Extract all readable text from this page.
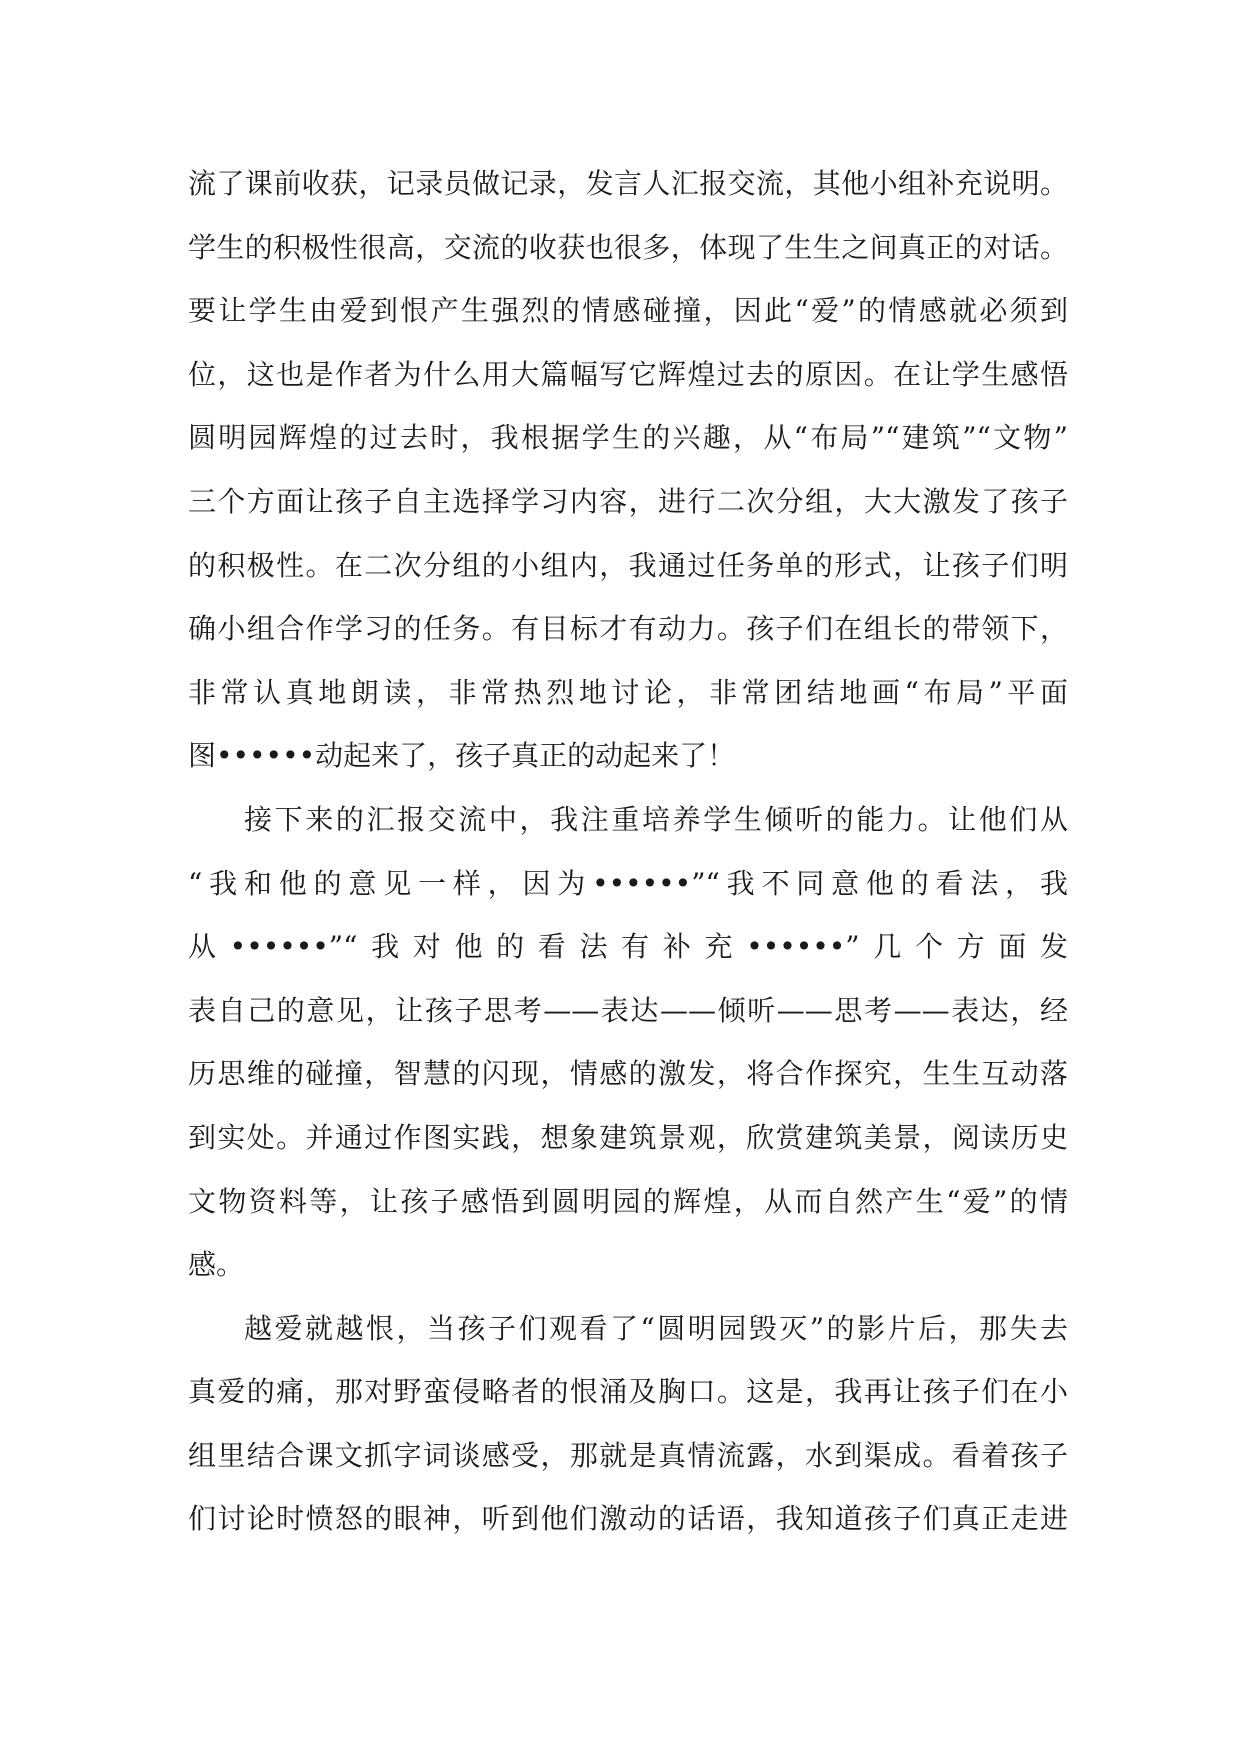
流了课前收获，记录员做记录，发言人汇报交流，其他小组补充说明。
学生的积极性很高，交流的收获也很多，体现了生生之间真正的对话。
要让学生由爱到恨产生强烈的情感碰撞，因此“爱”的情感就必须到
位，这也是作者为什么用大篇幅写它辉煌过去的原因。在让学生感悟
圆明园辉煌的过去时，我根据学生的兴趣，从“布局”“建筑”“文物”
三个方面让孩子自主选择学习内容，进行二次分组，大大激发了孩子
的积极性。在二次分组的小组内，我通过任务单的形式，让孩子们明
确小组合作学习的任务。有目标才有动力。孩子们在组长的带领下，
非常认真地朗读，非常热烈地讨论，非常团结地画“布局”平面
图••••••动起来了，孩子真正的动起来了！
接下来的汇报交流中，我注重培养学生倾听的能力。让他们从
“我和他的意见一样，因为••••••”“我不同意他的看法，我
从••••••”“我对他的看法有补充••••••”几个方面发
表自己的意见，让孩子思考——表达——倾听——思考——表达，经
历思维的碰撞，智慧的闪现，情感的激发，将合作探究，生生互动落
到实处。并通过作图实践，想象建筑景观，欣赏建筑美景，阅读历史
文物资料等，让孩子感悟到圆明园的辉煌，从而自然产生“爱”的情
感。
越爱就越恨，当孩子们观看了“圆明园毁灭”的影片后，那失去
真爱的痛，那对野蛮侵略者的恨涌及胸口。这是，我再让孩子们在小
组里结合课文抓字词谈感受，那就是真情流露，水到渠成。看着孩子
们讨论时愤怒的眼神，听到他们激动的话语，我知道孩子们真正走进
